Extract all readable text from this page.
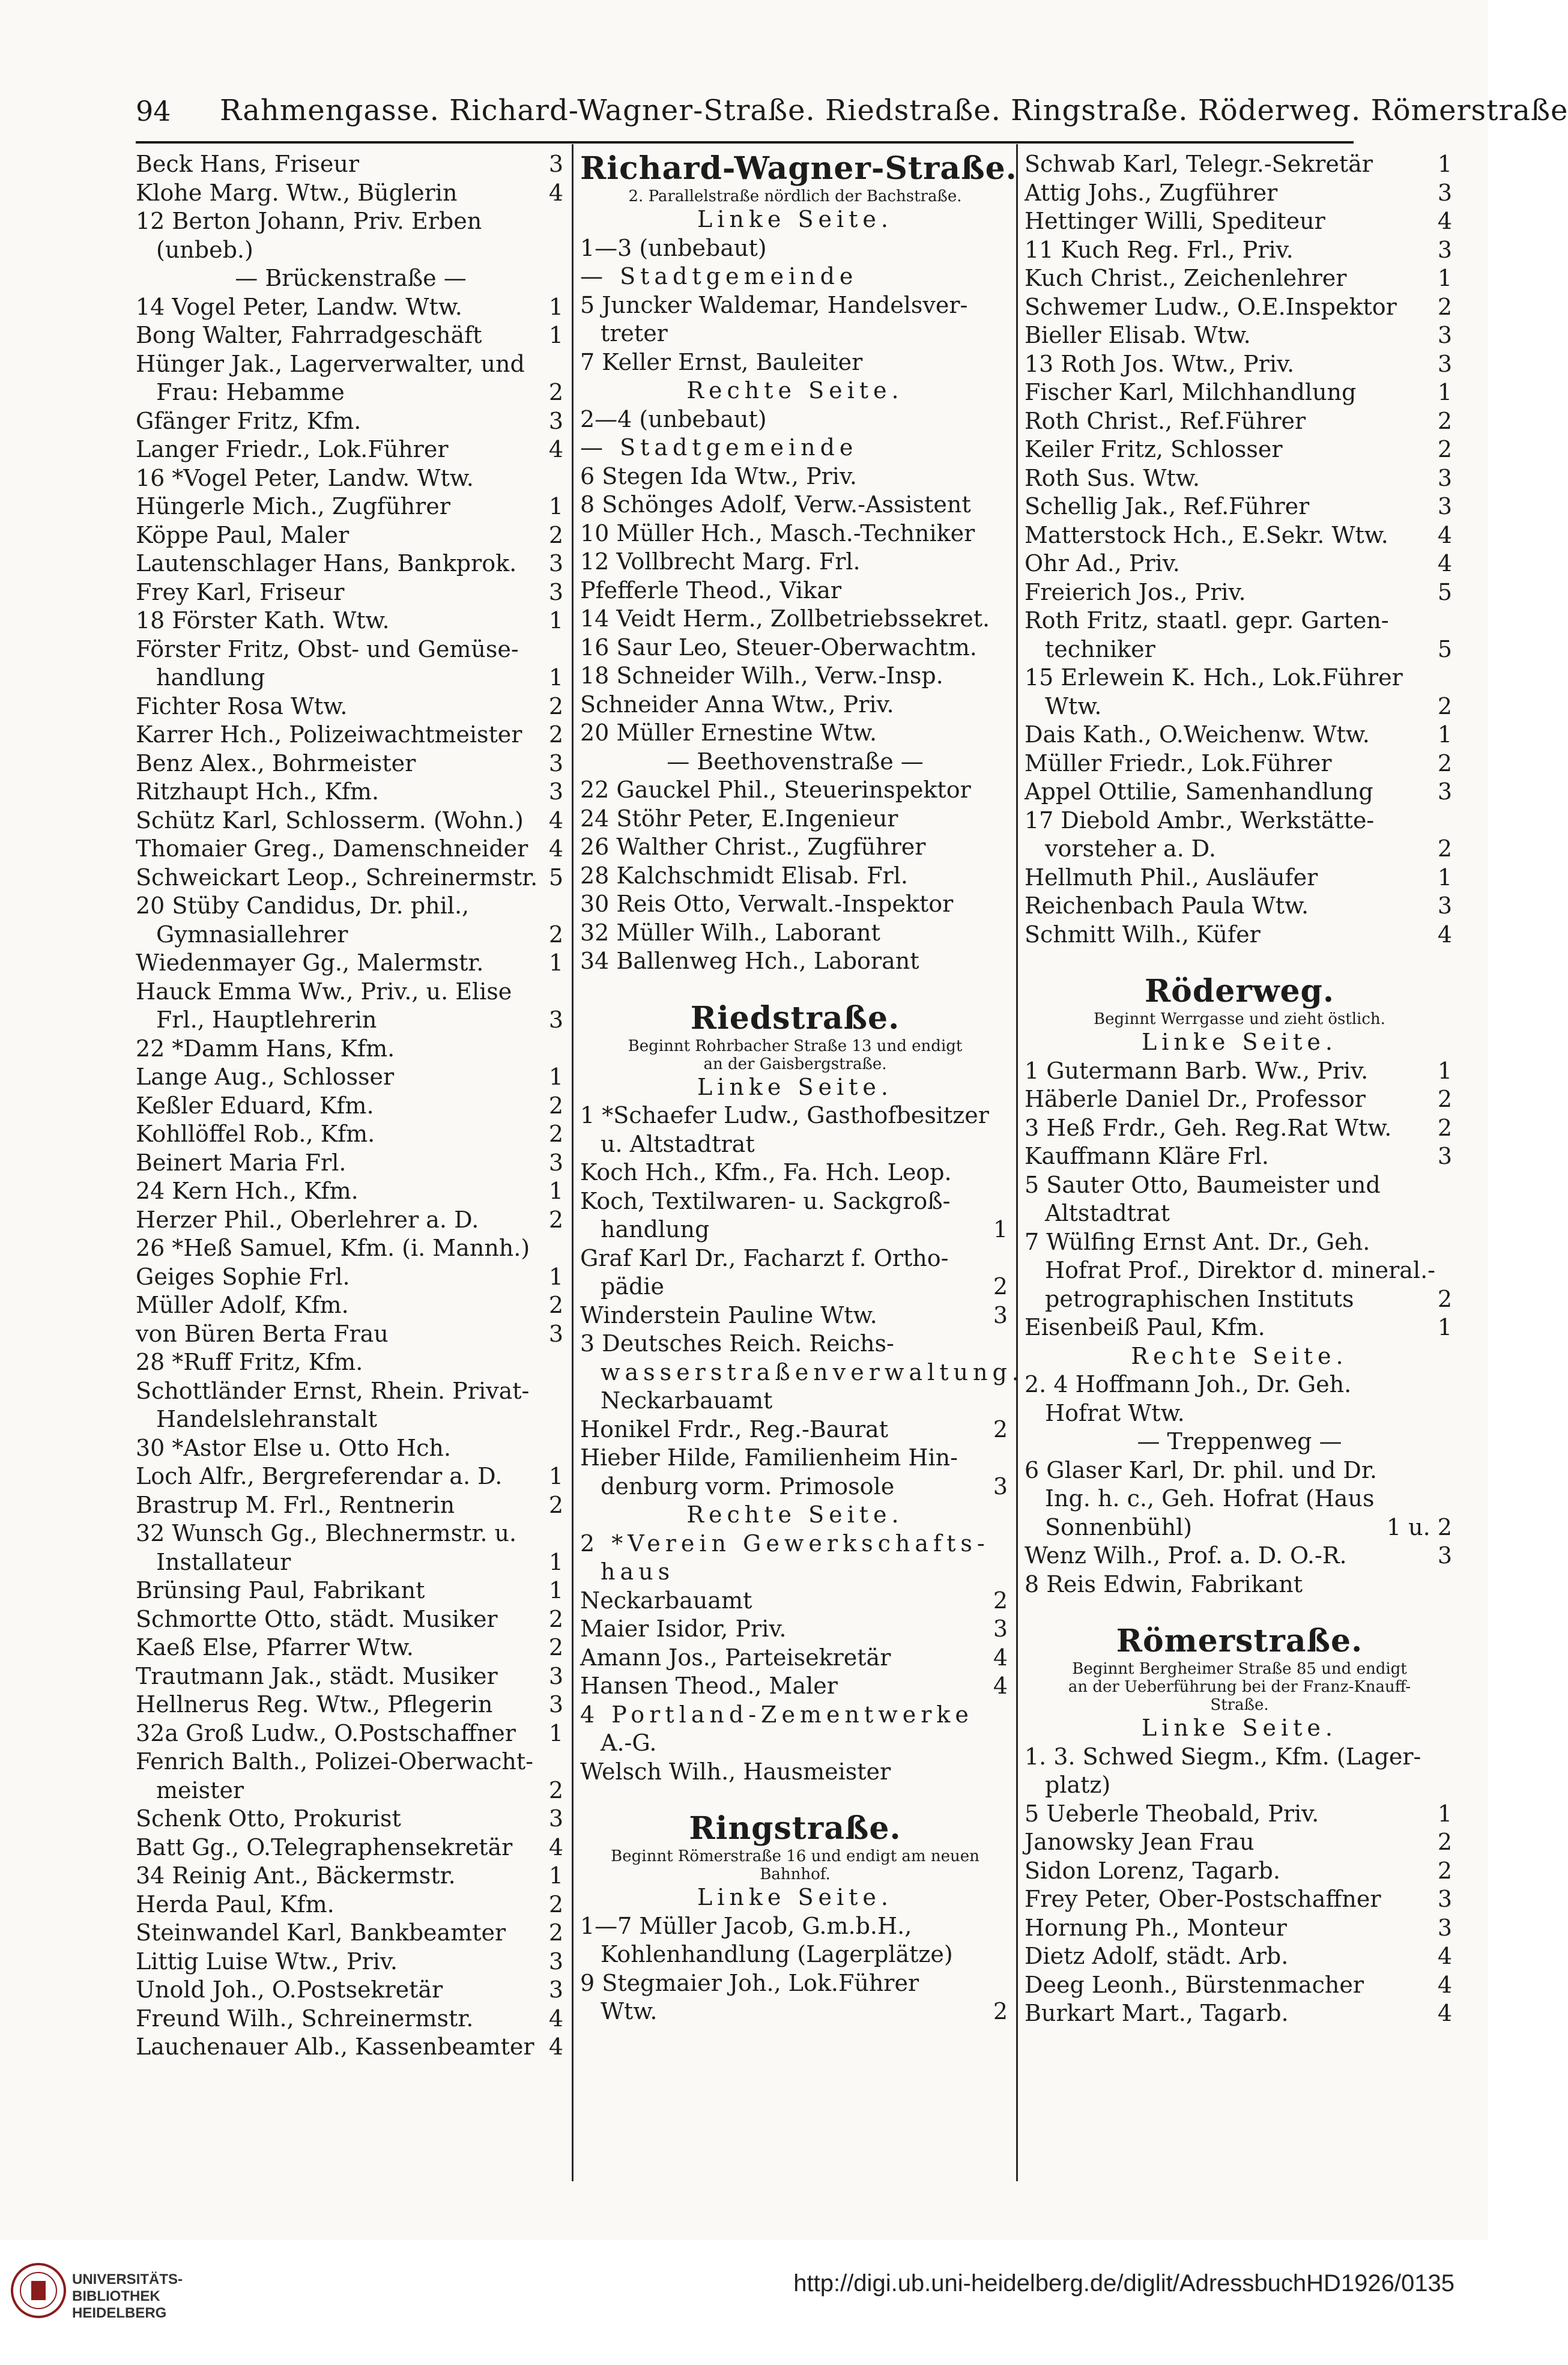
94 Rahmengasse. Richard-Wagner-Straße. Riedstraße. Ringstraße. Röderweg. Römerstraße
Beck Hans, Friseur	3
Klohe Marg. Wtw., Büglerin	4
12 Berton Johann, Priv. Erben
(unbeb.)
— Brückenstraße —
14 Vogel Peter, Landw. Wtw.	1
Bong Walter, Fahrradgeschäft	1
Hünger Jak., Lagerverwalter, und
Frau: Hebamme	2
Gfänger Fritz, Kfm.	3
Langer Friedr., Lok.Führer	4
16 *Vogel Peter, Landw. Wtw.
Hüngerle Mich., Zugführer	1
Köppe Paul, Maler	2
Lautenschlager Hans, Bankprok. 3
Frey Karl, Friseur	3
18 Förster Kath. Wtw.	1
Förster Fritz, Obst- und Gemüse-
handlung	1
Fichter Rosa Wtw.	2
Karrer Hch., Polizeiwachtmeister 2
Benz Alex., Bohrmeister	3
Ritzhaupt Hch., Kfm.	3
Schütz Karl, Schlosserm. (Wohn.) 4
Thomaier Greg., Damenschneider 4
Schweickart Leop., Schreinermstr. 5
20 Stüby Candidus, Dr. phil.,
Gymnasiallehrer	2
Wiedenmayer Gg., Malermstr.	1
Hauck Emma Ww., Priv., u. Elise
Frl., Hauptlehrerin	3
22 *Damm Hans, Kfm.
Lange Aug., Schlosser	1
Keßler Eduard, Kfm.	2
Kohllöffel Rob., Kfm.	2
Beinert Maria Frl.	3
24 Kern Hch., Kfm.	1
Herzer Phil., Oberlehrer a. D.	2
26 *Heß Samuel, Kfm. (i. Mannh.)
Geiges Sophie Frl.	1
Müller Adolf, Kfm.	2
von Büren Berta Frau	3
28 *Ruff Fritz, Kfm.
Schottländer Ernst, Rhein. Privat-
Handelslehranstalt
30 *Astor Else u. Otto Hch.
Loch Alfr., Bergreferendar a. D. 1
Brastrup M. Frl., Rentnerin	2
32 Wunsch Gg., Blechnermstr. u.
Installateur	1
Brünsing Paul, Fabrikant	1
Schmortte Otto, städt. Musiker 2
Kaeß Else, Pfarrer Wtw.	2
Trautmann Jak., städt. Musiker 3
Hellnerus Reg. Wtw., Pflegerin 3
32a Groß Ludw., O.Postschaffner 1
Fenrich Balth., Polizei-Oberwacht-
meister	2
Schenk Otto, Prokurist	3
Batt Gg., O.Telegraphensekretär 4
34 Reinig Ant., Bäckermstr.	1
Herda Paul, Kfm.	2
Steinwandel Karl, Bankbeamter 2
Littig Luise Wtw., Priv.	3
Unold Joh., O.Postsekretär	3
Freund Wilh., Schreinermstr.	4
Lauchenauer Alb., Kassenbeamter 4
Richard-Wagner-Straße.
2. Parallelstraße nördlich der Bachstraße.
Linke Seite.
1—3 (unbebaut)
— Stadtgemeinde
5 Juncker Waldemar, Handelsver-
treter
7 Keller Ernst, Bauleiter
Rechte Seite.
2—4 (unbebaut)
— Stadtgemeinde
6 Stegen Ida Wtw., Priv.
8 Schönges Adolf, Verw.-Assistent
10 Müller Hch., Masch.-Techniker
12 Vollbrecht Marg. Frl.
Pfefferle Theod., Vikar
14 Veidt Herm., Zollbetriebssekret.
16 Saur Leo, Steuer-Oberwachtm.
18 Schneider Wilh., Verw.-Insp.
Schneider Anna Wtw., Priv.
20 Müller Ernestine Wtw.
— Beethovenstraße —
22 Gauckel Phil., Steuerinspektor
24 Stöhr Peter, E.Ingenieur
26 Walther Christ., Zugführer
28 Kalchschmidt Elisab. Frl.
30 Reis Otto, Verwalt.-Inspektor
32 Müller Wilh., Laborant
34 Ballenweg Hch., Laborant
Riedstraße.
Beginnt Rohrbacher Straße 13 und endigt
an der Gaisbergstraße.
Linke Seite.
1 *Schaefer Ludw., Gasthofbesitzer
u. Altstadtrat
Koch Hch., Kfm., Fa. Hch. Leop.
Koch, Textilwaren- u. Sackgroß-
handlung	1
Graf Karl Dr., Facharzt f. Ortho-
pädie	2
Winderstein Pauline Wtw.	3
3 Deutsches Reich. Reichs-
wasserstraßenverwaltung.
Neckarbauamt
Honikel Frdr., Reg.-Baurat	2
Hieber Hilde, Familienheim Hin-
denburg vorm. Primosole	3
Rechte Seite.
2 *Verein Gewerkschafts-
haus
Neckarbauamt	2
Maier Isidor, Priv.	3
Amann Jos., Parteisekretär	4
Hansen Theod., Maler	4
4 Portland-Zementwerke
A.-G.
Welsch Wilh., Hausmeister
Ringstraße.
Beginnt Römerstraße 16 und endigt am neuen
Bahnhof.
Linke Seite.
1—7 Müller Jacob, G.m.b.H.,
Kohlenhandlung (Lagerplätze)
9 Stegmaier Joh., Lok.Führer
Wtw.	2
Schwab Karl, Telegr.-Sekretär	1
Attig Johs., Zugführer	3
Hettinger Willi, Spediteur	4
11 Kuch Reg. Frl., Priv.	3
Kuch Christ., Zeichenlehrer	1
Schwemer Ludw., O.E.Inspektor 2
Bieller Elisab. Wtw.	3
13 Roth Jos. Wtw., Priv.	3
Fischer Karl, Milchhandlung	1
Roth Christ., Ref.Führer	2
Keiler Fritz, Schlosser	2
Roth Sus. Wtw.	3
Schellig Jak., Ref.Führer	3
Matterstock Hch., E.Sekr. Wtw. 4
Ohr Ad., Priv.	4
Freierich Jos., Priv.	5
Roth Fritz, staatl. gepr. Garten-
techniker	5
15 Erlewein K. Hch., Lok.Führer
Wtw.	2
Dais Kath., O.Weichenw. Wtw.	1
Müller Friedr., Lok.Führer	2
Appel Ottilie, Samenhandlung	3
17 Diebold Ambr., Werkstätte-
vorsteher a. D.	2
Hellmuth Phil., Ausläufer	1
Reichenbach Paula Wtw.	3
Schmitt Wilh., Küfer	4
Röderweg.
Beginnt Werrgasse und zieht östlich.
Linke Seite.
1 Gutermann Barb. Ww., Priv.	1
Häberle Daniel Dr., Professor	2
3 Heß Frdr., Geh. Reg.Rat Wtw. 2
Kauffmann Kläre Frl.	3
5 Sauter Otto, Baumeister und
Altstadtrat
7 Wülfing Ernst Ant. Dr., Geh.
Hofrat Prof., Direktor d. mineral.-
petrographischen Instituts	2
Eisenbeiß Paul, Kfm.	1
Rechte Seite.
2. 4 Hoffmann Joh., Dr. Geh.
Hofrat Wtw.
— Treppenweg —
6 Glaser Karl, Dr. phil. und Dr.
Ing. h. c., Geh. Hofrat (Haus
Sonnenbühl)	1 u. 2
Wenz Wilh., Prof. a. D. O.-R.	3
8 Reis Edwin, Fabrikant
Römerstraße.
Beginnt Bergheimer Straße 85 und endigt
an der Ueberführung bei der Franz-Knauff-
Straße.
Linke Seite.
1. 3. Schwed Siegm., Kfm. (Lager-
platz)
5 Ueberle Theobald, Priv.	1
Janowsky Jean Frau	2
Sidon Lorenz, Tagarb.	2
Frey Peter, Ober-Postschaffner 3
Hornung Ph., Monteur	3
Dietz Adolf, städt. Arb.	4
Deeg Leonh., Bürstenmacher	4
Burkart Mart., Tagarb.	4
UNIVERSITÄTS-
BIBLIOTHEK
HEIDELBERG
http://digi.ub.uni-heidelberg.de/diglit/AdressbuchHD1926/0135
